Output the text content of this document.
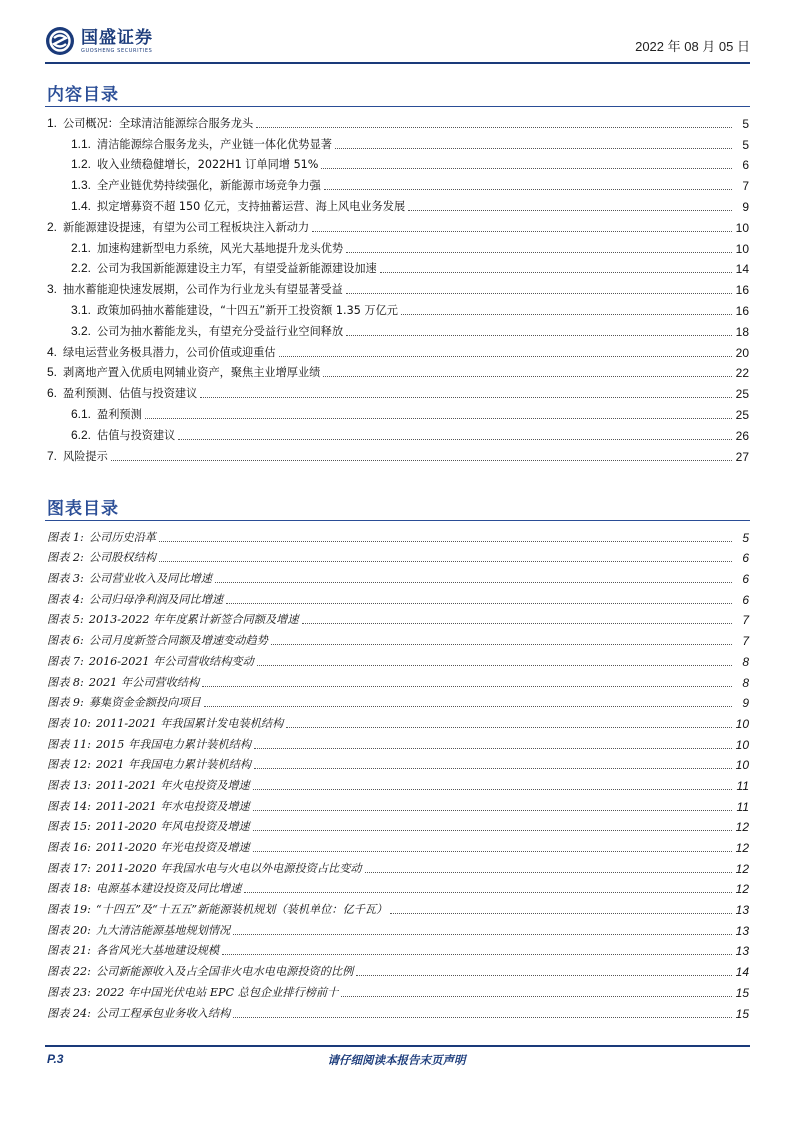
国盛证券
GUOSHENG SECURITIES	2022 年 08 月 05 日
内容目录
1. 公司概况：全球清洁能源综合服务龙头	5
1.1. 清洁能源综合服务龙头，产业链一体化优势显著	5
1.2. 收入业绩稳健增长，2022H1 订单同增 51%	6
1.3. 全产业链优势持续强化，新能源市场竞争力强	7
1.4. 拟定增募资不超 150 亿元，支持抽蓄运营、海上风电业务发展	9
2. 新能源建设提速，有望为公司工程板块注入新动力	10
2.1. 加速构建新型电力系统，风光大基地提升龙头优势	10
2.2. 公司为我国新能源建设主力军，有望受益新能源建设加速	14
3. 抽水蓄能迎快速发展期，公司作为行业龙头有望显著受益	16
3.1. 政策加码抽水蓄能建设，“十四五”新开工投资额 1.35 万亿元	16
3.2. 公司为抽水蓄能龙头，有望充分受益行业空间释放	18
4. 绿电运营业务极具潜力，公司价值或迎重估	20
5. 剥离地产置入优质电网辅业资产，聚焦主业增厚业绩	22
6. 盈利预测、估值与投资建议	25
6.1. 盈利预测	25
6.2. 估值与投资建议	26
7. 风险提示	27
图表目录
图表 1: 公司历史沿革	5
图表 2: 公司股权结构	6
图表 3: 公司营业收入及同比增速	6
图表 4: 公司归母净利润及同比增速	6
图表 5: 2013-2022 年年度累计新签合同额及增速	7
图表 6: 公司月度新签合同额及增速变动趋势	7
图表 7: 2016-2021 年公司营收结构变动	8
图表 8: 2021 年公司营收结构	8
图表 9: 募集资金金额投向项目	9
图表 10: 2011-2021 年我国累计发电装机结构	10
图表 11: 2015 年我国电力累计装机结构	10
图表 12: 2021 年我国电力累计装机结构	10
图表 13: 2011-2021 年火电投资及增速	11
图表 14: 2011-2021 年水电投资及增速	11
图表 15: 2011-2020 年风电投资及增速	12
图表 16: 2011-2020 年光电投资及增速	12
图表 17: 2011-2020 年我国水电与火电以外电源投资占比变动	12
图表 18: 电源基本建设投资及同比增速	12
图表 19: “十四五”及“十五五”新能源装机规划（装机单位：亿千瓦）	13
图表 20: 九大清洁能源基地规划情况	13
图表 21: 各省风光大基地建设规模	13
图表 22: 公司新能源收入及占全国非火电水电电源投资的比例	14
图表 23: 2022 年中国光伏电站 EPC 总包企业排行榜前十	15
图表 24: 公司工程承包业务收入结构	15
请仔细阅读本报告末页声明
P.3
